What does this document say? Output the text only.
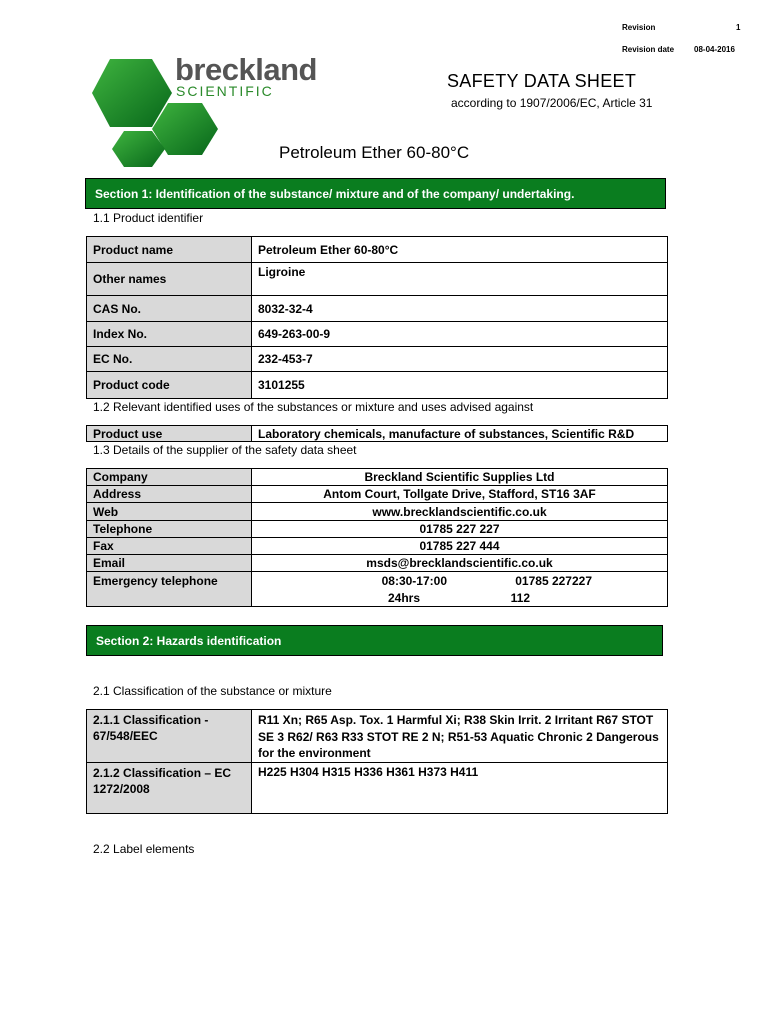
Revision	1
Revision date 08-04-2016
breckland
SCIENTIFIC	SAFETY DATA SHEET
according to 1907/2006/EC, Article 31
Petroleum Ether 60-80°C
Section 1: Identification of the substance/ mixture and of the company/ undertaking.
1.1 Product identifier
Product name	Petroleum Ether 60-80°C
Other names	Ligroine
CAS No.	8032-32-4
Index No.	649-263-00-9
EC No.	232-453-7
Product code	3101255
1.2 Relevant identified uses of the substances or mixture and uses advised against
Product use	Laboratory chemicals, manufacture of substances, Scientific R&D
1.3 Details of the supplier of the safety data sheet
Company	Breckland Scientific Supplies Ltd
Address	Antom Court, Tollgate Drive, Stafford, ST16 3AF
Web	www.brecklandscientific.co.uk
Telephone	01785 227 227
Fax	01785 227 444
Email	msds@brecklandscientific.co.uk
Emergency telephone	08:30-17:00 01785 227227
24hrs 112
Section 2: Hazards identification
2.1 Classification of the substance or mixture
2.1.1 Classification - 67/548/EEC	R11 Xn; R65 Asp. Tox. 1 Harmful Xi; R38 Skin Irrit. 2 Irritant R67 STOT SE 3 R62/ R63 R33 STOT RE 2 N; R51-53 Aquatic Chronic 2 Dangerous for the environment
2.1.2 Classification – EC 1272/2008	H225 H304 H315 H336 H361 H373 H411
2.2 Label elements
